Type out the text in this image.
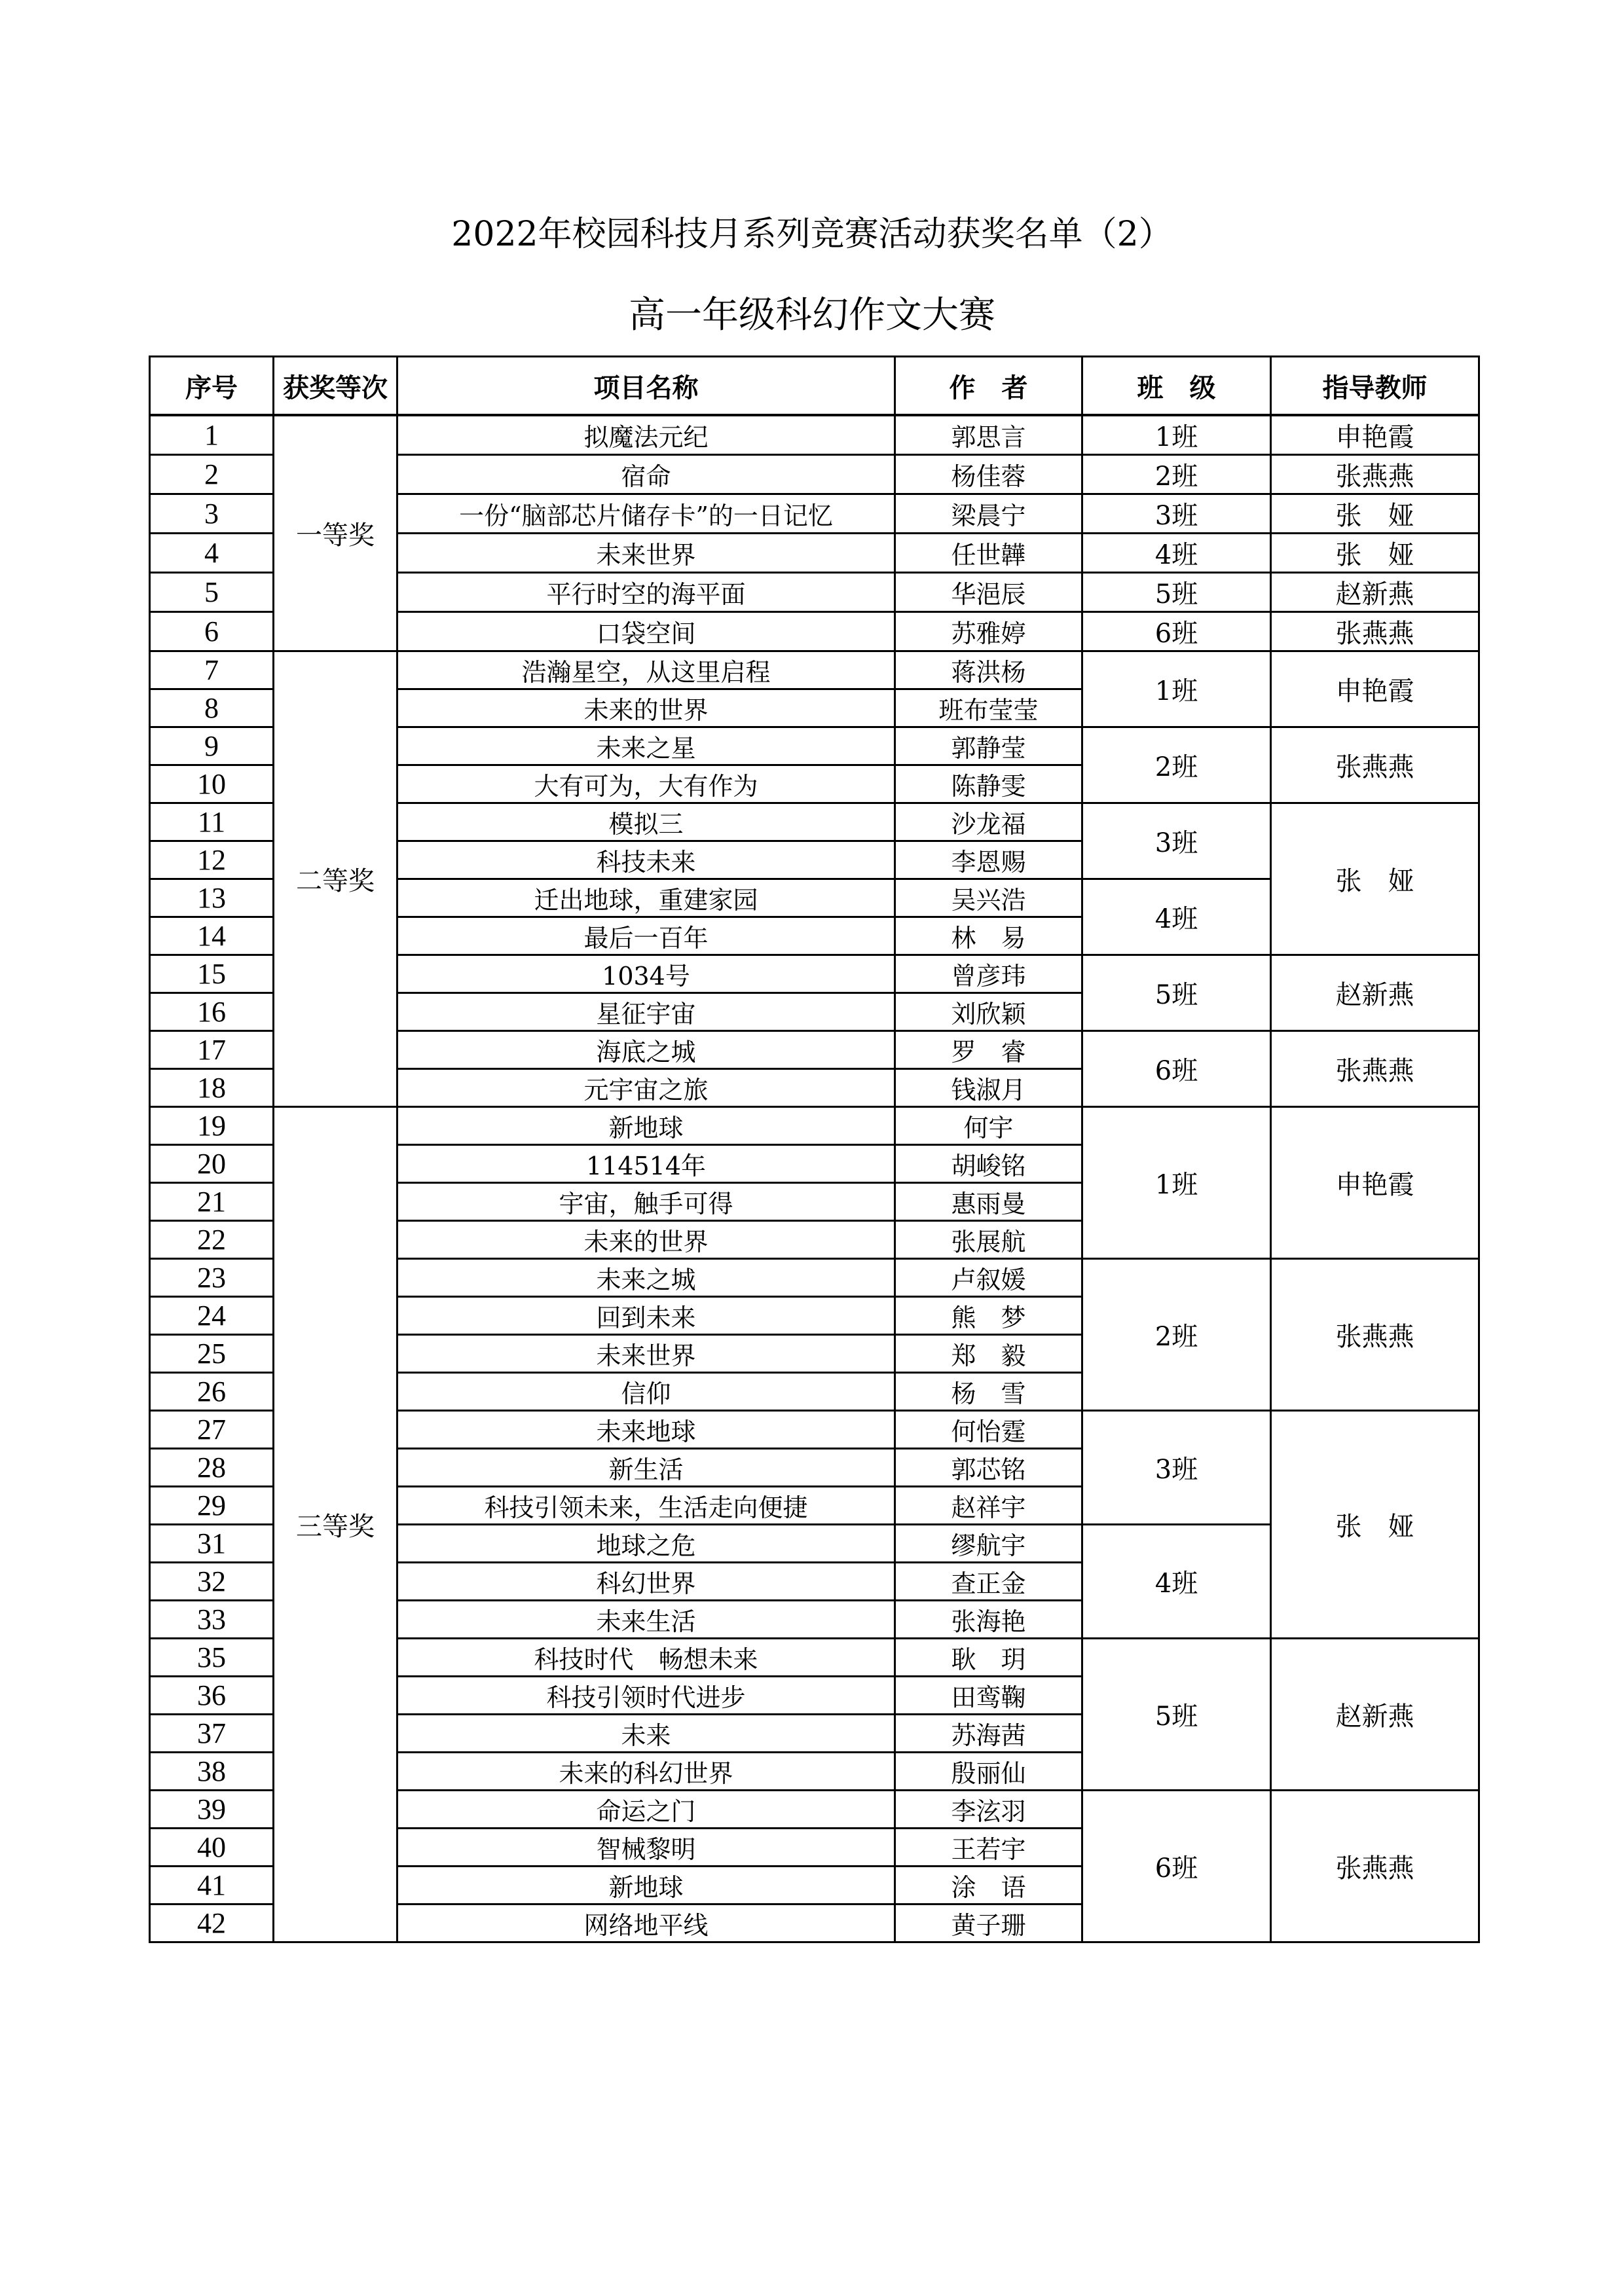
2022年校园科技月系列竞赛活动获奖名单（2）
高一年级科幻作文大赛
序号	获奖等次	项目名称	作　者	班　级	指导教师
1	一等奖	拟魔法元纪	郭思言	1班	申艳霞
2		宿命	杨佳蓉	2班	张燕燕
3		一份“脑部芯片储存卡”的一日记忆	梁晨宁	3班	张　娅
4		未来世界	任世韡	4班	张　娅
5		平行时空的海平面	华浥辰	5班	赵新燕
6		口袋空间	苏雅婷	6班	张燕燕
7	二等奖	浩瀚星空，从这里启程	蒋洪杨	1班	申艳霞
8		未来的世界	班布莹莹		
9		未来之星	郭静莹	2班	张燕燕
10		大有可为，大有作为	陈静雯		
11		模拟三	沙龙福	3班	张　娅
12		科技未来	李恩赐		
13		迁出地球，重建家园	吴兴浩	4班	
14		最后一百年	林　易		
15		1034号	曾彦玮	5班	赵新燕
16		星征宇宙	刘欣颖		
17		海底之城	罗　睿	6班	张燕燕
18		元宇宙之旅	钱淑月		
19	三等奖	新地球	何宇	1班	申艳霞
20		114514年	胡峻铭		
21		宇宙，触手可得	惠雨曼		
22		未来的世界	张展航		
23		未来之城	卢叙媛	2班	张燕燕
24		回到未来	熊　梦		
25		未来世界	郑　毅		
26		信仰	杨　雪		
27		未来地球	何怡霆	3班	张　娅
28		新生活	郭芯铭		
29		科技引领未来，生活走向便捷	赵祥宇		
31		地球之危	缪航宇	4班	
32		科幻世界	查正金		
33		未来生活	张海艳		
35		科技时代　畅想未来	耿　玥	5班	赵新燕
36		科技引领时代进步	田鸾鞠		
37		未来	苏海茜		
38		未来的科幻世界	殷丽仙		
39		命运之门	李泫羽	6班	张燕燕
40		智械黎明	王若宇		
41		新地球	涂　语		
42		网络地平线	黄子珊		
